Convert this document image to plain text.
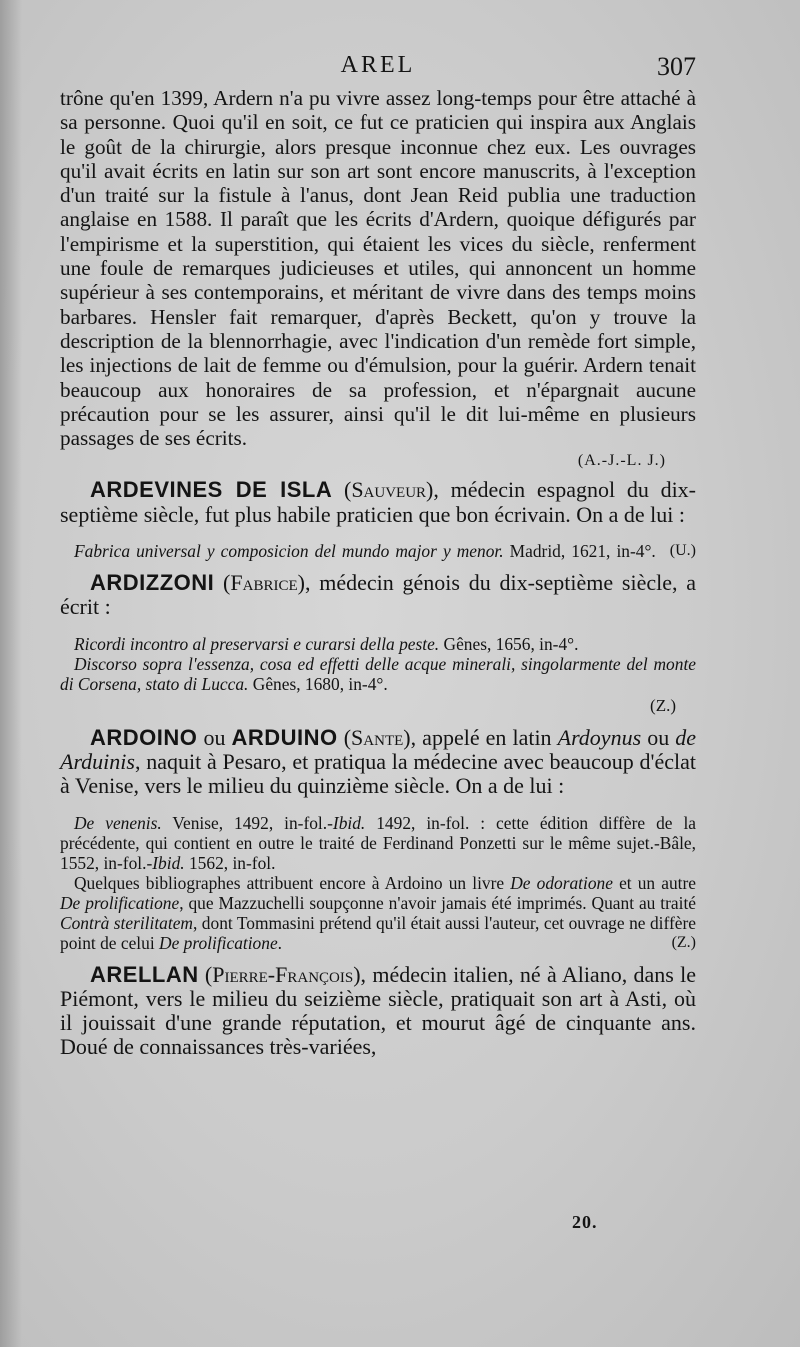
AREL	307

trône qu'en 1399, Ardern n'a pu vivre assez long-temps pour être attaché à sa personne. Quoi qu'il en soit, ce fut ce praticien qui inspira aux Anglais le goût de la chirurgie, alors presque inconnue chez eux. Les ouvrages qu'il avait écrits en latin sur son art sont encore manuscrits, à l'exception d'un traité sur la fistule à l'anus, dont Jean Reid publia une traduction anglaise en 1588. Il paraît que les écrits d'Ardern, quoique défigurés par l'empirisme et la superstition, qui étaient les vices du siècle, renferment une foule de remarques judicieuses et utiles, qui annoncent un homme supérieur à ses contemporains, et méritant de vivre dans des temps moins barbares. Hensler fait remarquer, d'après Beckett, qu'on y trouve la description de la blennorrhagie, avec l'indication d'un remède fort simple, les injections de lait de femme ou d'émulsion, pour la guérir. Ardern tenait beaucoup aux honoraires de sa profession, et n'épargnait aucune précaution pour se les assurer, ainsi qu'il le dit lui-même en plusieurs passages de ses écrits.

(A.-J.-L. J.)

ARDEVINES DE ISLA (Sauveur), médecin espagnol du dix-septième siècle, fut plus habile praticien que bon écrivain. On a de lui :

Fabrica universal y composicion del mundo major y menor. Madrid, 1621, in-4°. (U.)

ARDIZZONI (Fabrice), médecin génois du dix-septième siècle, a écrit :

Ricordi incontro al preservarsi e curarsi della peste. Gênes, 1656, in-4°.

Discorso sopra l'essenza, cosa ed effetti delle acque minerali, singolarmente del monte di Corsena, stato di Lucca. Gênes, 1680, in-4°.

(Z.)

ARDOINO ou ARDUINO (Sante), appelé en latin Ardoynus ou de Arduinis, naquit à Pesaro, et pratiqua la médecine avec beaucoup d'éclat à Venise, vers le milieu du quinzième siècle. On a de lui :

De venenis. Venise, 1492, in-fol.-Ibid. 1492, in-fol. : cette édition diffère de la précédente, qui contient en outre le traité de Ferdinand Ponzetti sur le même sujet.-Bâle, 1552, in-fol.-Ibid. 1562, in-fol.

Quelques bibliographes attribuent encore à Ardoino un livre De odoratione et un autre De prolificatione, que Mazzuchelli soupçonne n'avoir jamais été imprimés. Quant au traité Contrà sterilitatem, dont Tommasini prétend qu'il était aussi l'auteur, cet ouvrage ne diffère point de celui De prolificatione.	(Z.)

ARELLAN (Pierre-François), médecin italien, né à Aliano, dans le Piémont, vers le milieu du seizième siècle, pratiquait son art à Asti, où il jouissait d'une grande réputation, et mourut âgé de cinquante ans. Doué de connaissances très-variées,

20.
